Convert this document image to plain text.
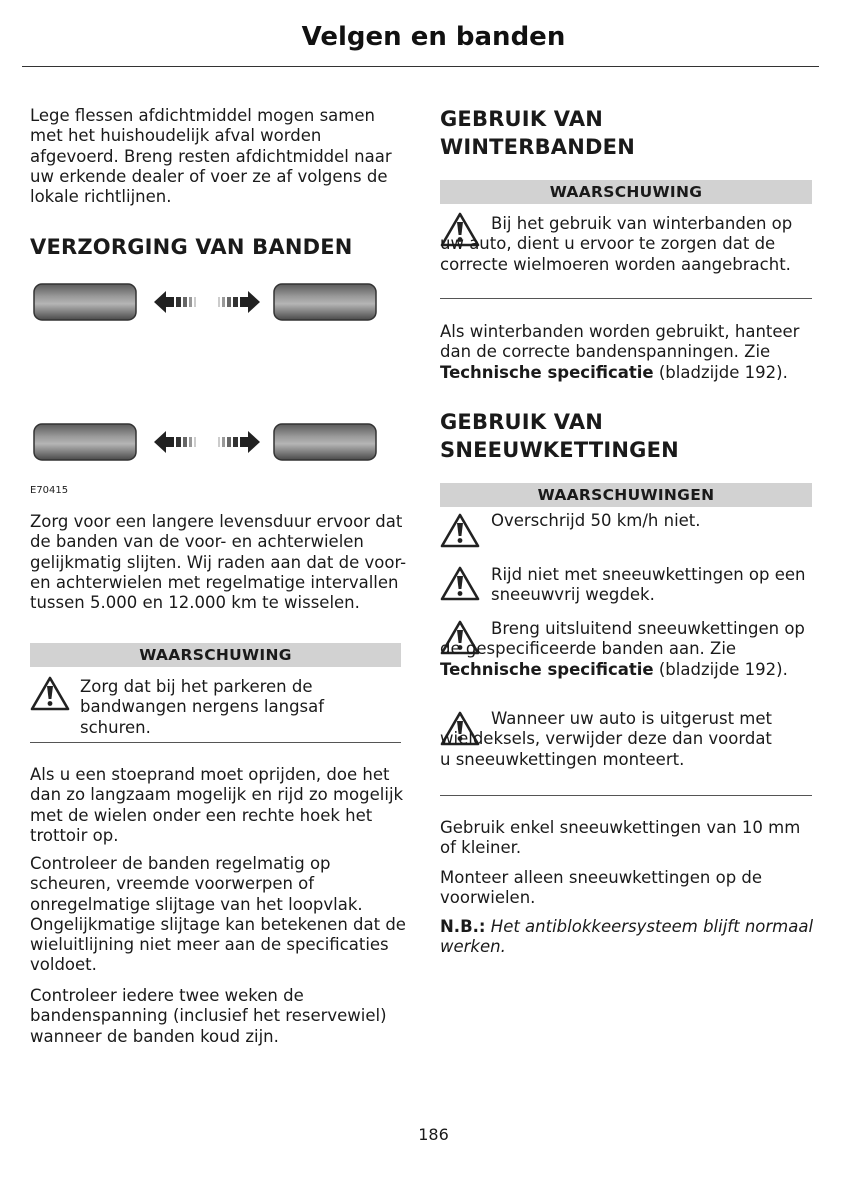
Velgen en banden

Lege flessen afdichtmiddel mogen samen met het huishoudelijk afval worden afgevoerd. Breng resten afdichtmiddel naar uw erkende dealer of voer ze af volgens de lokale richtlijnen.

VERZORGING VAN BANDEN
E70415

Zorg voor een langere levensduur ervoor dat de banden van de voor- en achterwielen gelijkmatig slijten. Wij raden aan dat de voor- en achterwielen met regelmatige intervallen tussen 5.000 en 12.000 km te wisselen.

WAARSCHUWING
Zorg dat bij het parkeren de bandwangen nergens langsaf schuren.

Als u een stoeprand moet oprijden, doe het dan zo langzaam mogelijk en rijd zo mogelijk met de wielen onder een rechte hoek het trottoir op.

Controleer de banden regelmatig op scheuren, vreemde voorwerpen of onregelmatige slijtage van het loopvlak. Ongelijkmatige slijtage kan betekenen dat de wieluitlijning niet meer aan de specificaties voldoet.

Controleer iedere twee weken de bandenspanning (inclusief het reservewiel) wanneer de banden koud zijn.

GEBRUIK VAN
WINTERBANDEN
WAARSCHUWING
Bij het gebruik van winterbanden op uw auto, dient u ervoor te zorgen dat de correcte wielmoeren worden aangebracht.

Als winterbanden worden gebruikt, hanteer dan de correcte bandenspanningen. Zie Technische specificatie (bladzijde 192).

GEBRUIK VAN
SNEEUWKETTINGEN
WAARSCHUWINGEN
Overschrijd 50 km/h niet.
Rijd niet met sneeuwkettingen op een sneeuwvrij wegdek.
Breng uitsluitend sneeuwkettingen op de gespecificeerde banden aan. Zie Technische specificatie (bladzijde 192).
Wanneer uw auto is uitgerust met wieldeksels, verwijder deze dan voordat u sneeuwkettingen monteert.

Gebruik enkel sneeuwkettingen van 10 mm of kleiner.

Monteer alleen sneeuwkettingen op de voorwielen.

N.B.: Het antiblokkeersysteem blijft normaal werken.

186
